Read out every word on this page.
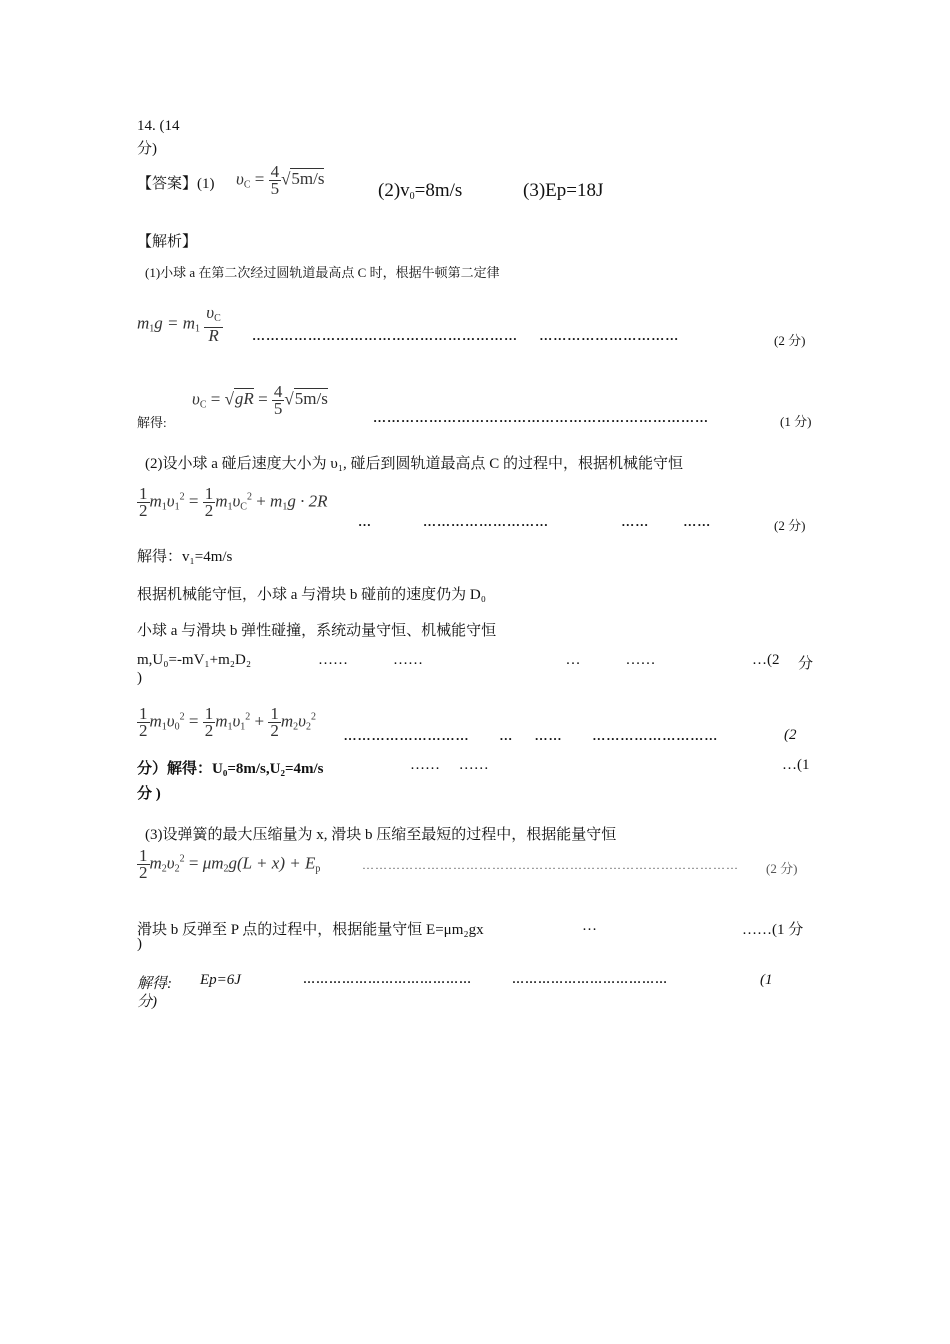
14. (14
分)
【答案】(1) $\upsilon_C = \frac{4}{5} √5m/s$
$(2)v_0=8m/s$	(3)Ep=18J
【解析】
(1)小球 a 在第二次经过圆轨道最高点 C 时，根据牛顿第二定律
$m_1g = m_1 \frac{\upsilon_C}{R}$ …………………………………………………     …………………………	(2 分)
解得:
$\upsilon_C = √gR = \frac{4}{5} √5m/s$
………………………………………………………………	(1 分)
(2)设小球 a 碰后速度大小为 υ₁, 碰后到圆轨道最高点 C 的过程中，根据机械能守恒
$\frac{1}{2} m_1\upsilon_1^2 = \frac{1}{2} m_1\upsilon_C^2 + m_1g \cdot 2R$
…            ………………………                 ……        ……	(2 分)
解得：v₁=4m/s
根据机械能守恒，小球 a 与滑块 b 碰前的速度仍为 D₀
小球 a 与滑块 b 弹性碰撞，系统动量守恒、机械能守恒
m,U₀=-mV₁+m₂D₂	……            ……                                      …            ……	…(2 分
)
$\frac{1}{2} m_1\upsilon_0^2 = \frac{1}{2} m_1\upsilon_1^2 + \frac{1}{2} m_2\upsilon_2^2$
………………………       …     ……       ………………………	(2
分）解得：U₀=8m/s,U₂=4m/s	……     ……	…(1
分 )
(3)设弹簧的最大压缩量为 x, 滑块 b 压缩至最短的过程中，根据能量守恒
$\frac{1}{2} m_2\upsilon_2^2 = \mu m_2g(L + x) + E_p$	…………………………………………………………………………… (2 分)
滑块 b 反弹至 P 点的过程中，根据能量守恒 E=μm₂gx	…	……(1 分
)
解得: Ep=6J	…………………………………          ………………………………	(1
分)
